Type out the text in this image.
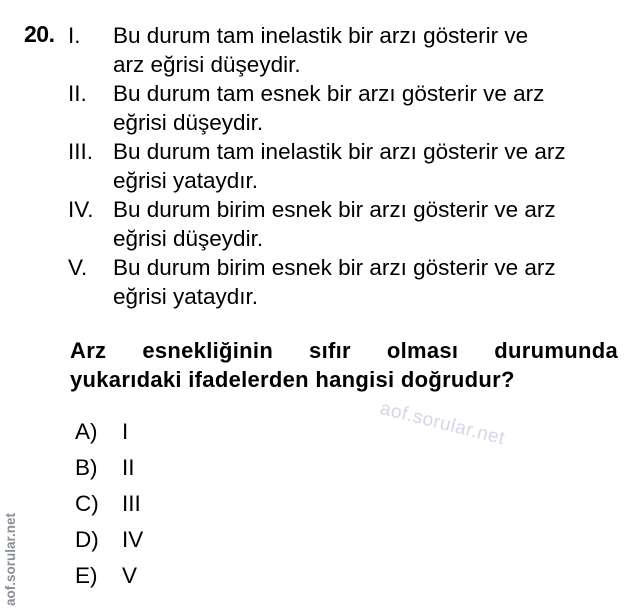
20. I. Bu durum tam inelastik bir arzı gösterir ve
arz eğrisi düşeydir.
II. Bu durum tam esnek bir arzı gösterir ve arz
eğrisi düşeydir.
III. Bu durum tam inelastik bir arzı gösterir ve arz
eğrisi yataydır.
IV. Bu durum birim esnek bir arzı gösterir ve arz
eğrisi düşeydir.
V. Bu durum birim esnek bir arzı gösterir ve arz
eğrisi yataydır.
Arz esnekliğinin sıfır olması durumunda
yukarıdaki ifadelerden hangisi doğrudur?
aof.sorular.net
A) I
B) II
C) III
D) IV
E) V
aof.sorular.net
